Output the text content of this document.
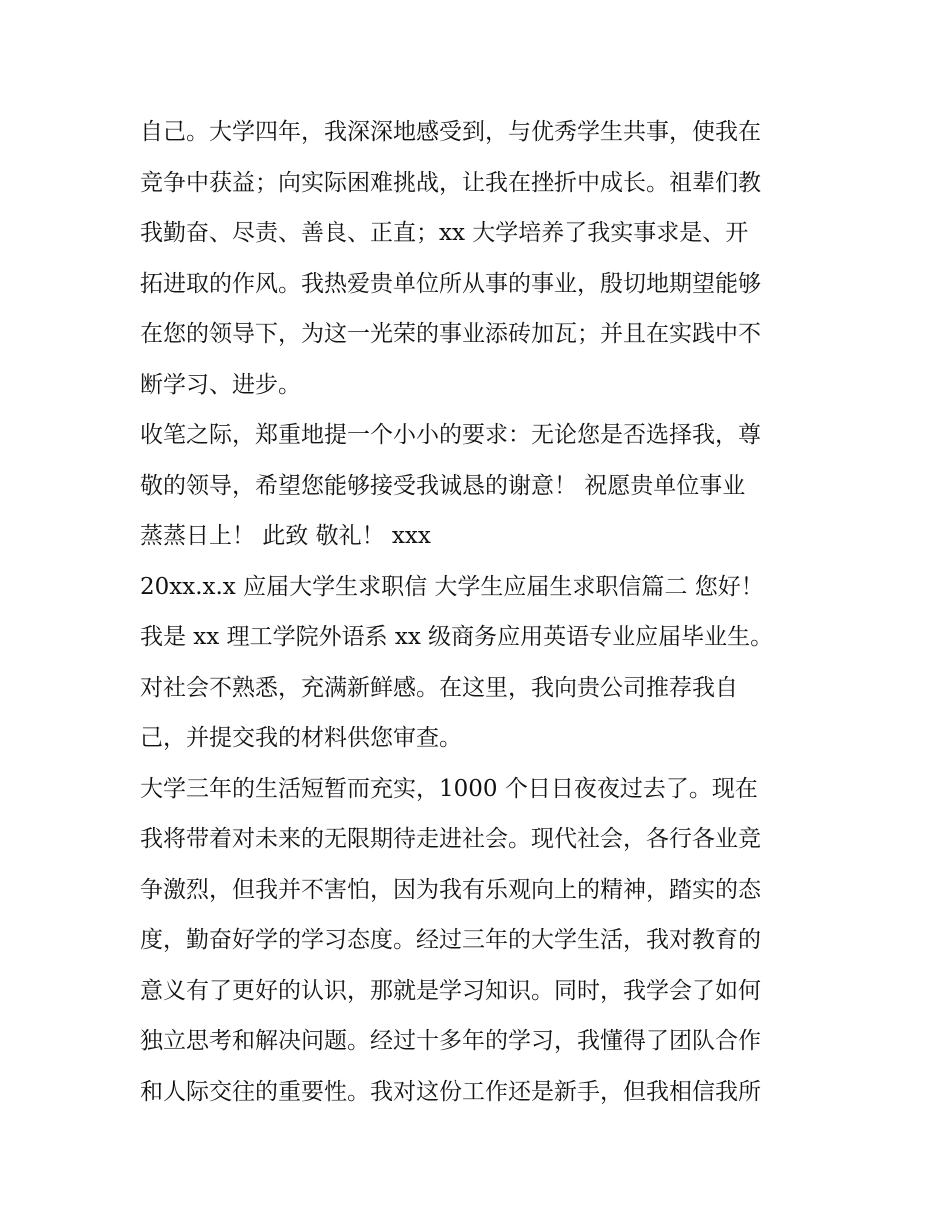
自己。大学四年，我深深地感受到，与优秀学生共事，使我在
竞争中获益；向实际困难挑战，让我在挫折中成长。祖辈们教
我勤奋、尽责、善良、正直；xx 大学培养了我实事求是、开
拓进取的作风。我热爱贵单位所从事的事业，殷切地期望能够
在您的领导下，为这一光荣的事业添砖加瓦；并且在实践中不
断学习、进步。
收笔之际，郑重地提一个小小的要求：无论您是否选择我，尊
敬的领导，希望您能够接受我诚恳的谢意！ 祝愿贵单位事业
蒸蒸日上！ 此致 敬礼！ xxx
20xx.x.x 应届大学生求职信 大学生应届生求职信篇二 您好！
我是 xx 理工学院外语系 xx 级商务应用英语专业应届毕业生。
对社会不熟悉，充满新鲜感。在这里，我向贵公司推荐我自
己，并提交我的材料供您审查。
大学三年的生活短暂而充实，1000 个日日夜夜过去了。现在
我将带着对未来的无限期待走进社会。现代社会，各行各业竞
争激烈，但我并不害怕，因为我有乐观向上的精神，踏实的态
度，勤奋好学的学习态度。经过三年的大学生活，我对教育的
意义有了更好的认识，那就是学习知识。同时，我学会了如何
独立思考和解决问题。经过十多年的学习，我懂得了团队合作
和人际交往的重要性。我对这份工作还是新手，但我相信我所
